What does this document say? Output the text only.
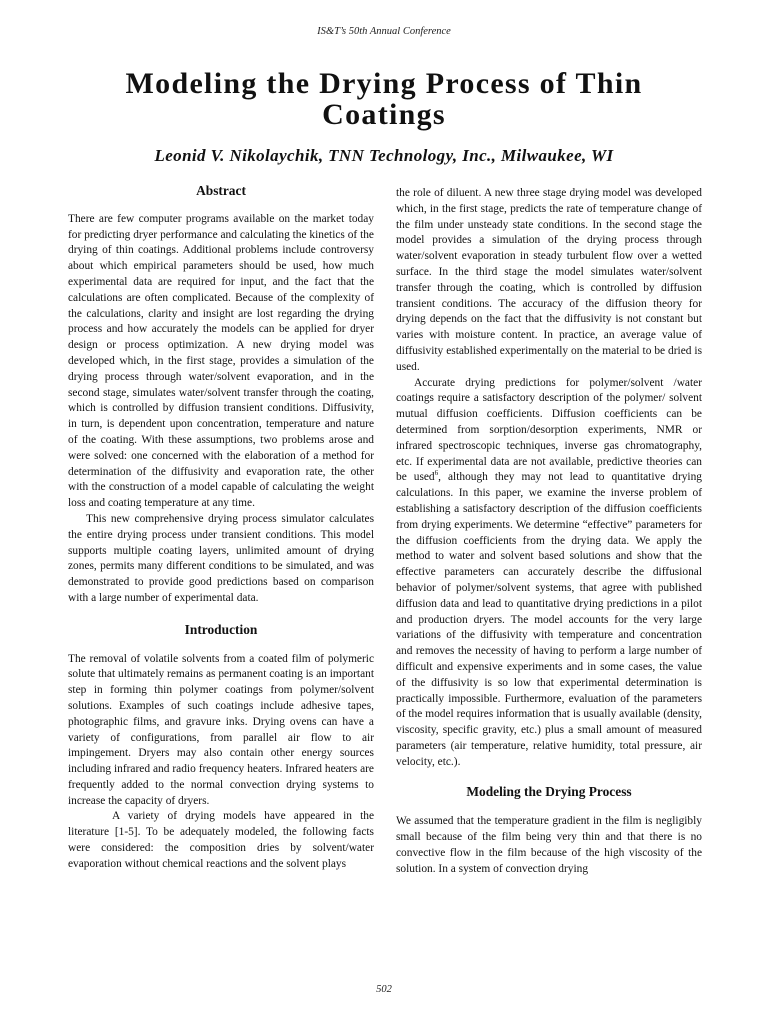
IS&T’s 50th Annual Conference
Modeling the Drying Process of Thin Coatings
Leonid V. Nikolaychik, TNN Technology, Inc., Milwaukee, WI
Abstract

There are few computer programs available on the market today for predicting dryer performance and calculating the kinetics of the drying of thin coatings. Additional problems include controversy about which empirical parameters should be used, how much experimental data are required for input, and the fact that the calculations are often complicated. Because of the complexity of the calculations, clarity and insight are lost regarding the drying process and how accurately the models can be applied for dryer design or process optimization. A new drying model was developed which, in the first stage, provides a simulation of the drying process through water/solvent evaporation, and in the second stage, simulates water/solvent transfer through the coating, which is controlled by diffusion transient conditions. Diffusivity, in turn, is dependent upon concentration, temperature and nature of the coating. With these assumptions, two problems arose and were solved: one concerned with the elaboration of a method for determination of the diffusivity and evaporation rate, the other with the construction of a model capable of calculating the weight loss and coating temperature at any time.

This new comprehensive drying process simulator calculates the entire drying process under transient conditions. This model supports multiple coating layers, unlimited amount of drying zones, permits many different conditions to be simulated, and was demonstrated to provide good predictions based on comparison with a large number of experimental data.

Introduction

The removal of volatile solvents from a coated film of polymeric solute that ultimately remains as permanent coating is an important step in forming thin polymer coatings from polymer/solvent solutions. Examples of such coatings include adhesive tapes, photographic films, and gravure inks. Drying ovens can have a variety of configurations, from parallel air flow to air impingement. Dryers may also contain other energy sources including infrared and radio frequency heaters. Infrared heaters are frequently added to the normal convection drying systems to increase the capacity of dryers.

A variety of drying models have appeared in the literature [1-5]. To be adequately modeled, the following facts were considered: the composition dries by solvent/water evaporation without chemical reactions and the solvent plays

the role of diluent. A new three stage drying model was developed which, in the first stage, predicts the rate of temperature change of the film under unsteady state conditions. In the second stage the model provides a simulation of the drying process through water/solvent evaporation in steady turbulent flow over a wetted surface. In the third stage the model simulates water/solvent transfer through the coating, which is controlled by diffusion transient conditions. The accuracy of the diffusion theory for drying depends on the fact that the diffusivity is not constant but varies with moisture content. In practice, an average value of diffusivity established experimentally on the material to be dried is used.

Accurate drying predictions for polymer/solvent /water coatings require a satisfactory description of the polymer/ solvent mutual diffusion coefficients. Diffusion coefficients can be determined from sorption/desorption experiments, NMR or infrared spectroscopic techniques, inverse gas chromatography, etc. If experimental data are not available, predictive theories can be used$^6$, although they may not lead to quantitative drying calculations. In this paper, we examine the inverse problem of establishing a satisfactory description of the diffusion coefficients from drying experiments. We determine “effective” parameters for the diffusion coefficients from the drying data. We apply the method to water and solvent based solutions and show that the effective parameters can accurately describe the diffusional behavior of polymer/solvent systems, that agree with published diffusion data and lead to quantitative drying predictions in a pilot and production dryers. The model accounts for the very large variations of the diffusivity with temperature and concentration and removes the necessity of having to perform a large number of difficult and expensive experiments and in some cases, the value of the diffusivity is so low that experimental determination is practically impossible. Furthermore, evaluation of the parameters of the model requires information that is usually available (density, viscosity, specific gravity, etc.) plus a small amount of measured parameters (air temperature, relative humidity, total pressure, air velocity, etc.).

Modeling the Drying Process

We assumed that the temperature gradient in the film is negligibly small because of the film being very thin and that there is no convective flow in the film because of the high viscosity of the solution. In a system of convection drying

502
